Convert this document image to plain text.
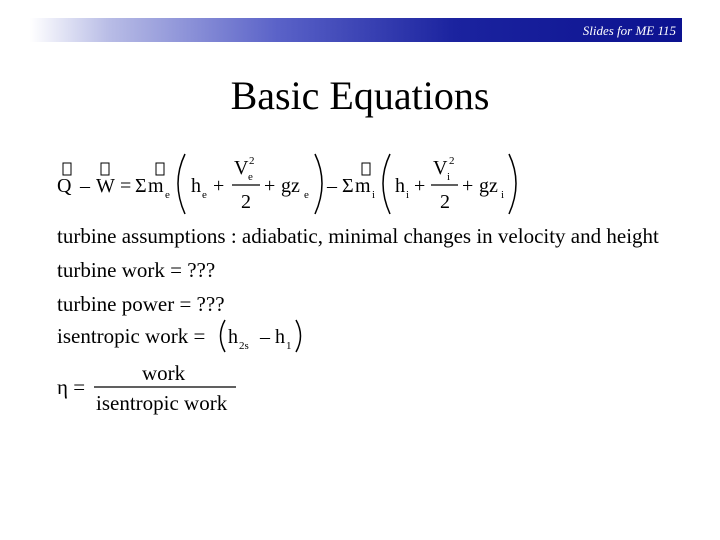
Slides for ME 115
Basic Equations
Q – W = Σ m e h e +
V 2
e
2
+ gz e – Σ m i h i +
V 2
i
2
+ gz i
h 2s – h 1
η =
work
isentropic work
turbine assumptions : adiabatic, minimal changes in velocity and height
turbine work = ???
turbine power = ???
isentropic work =
